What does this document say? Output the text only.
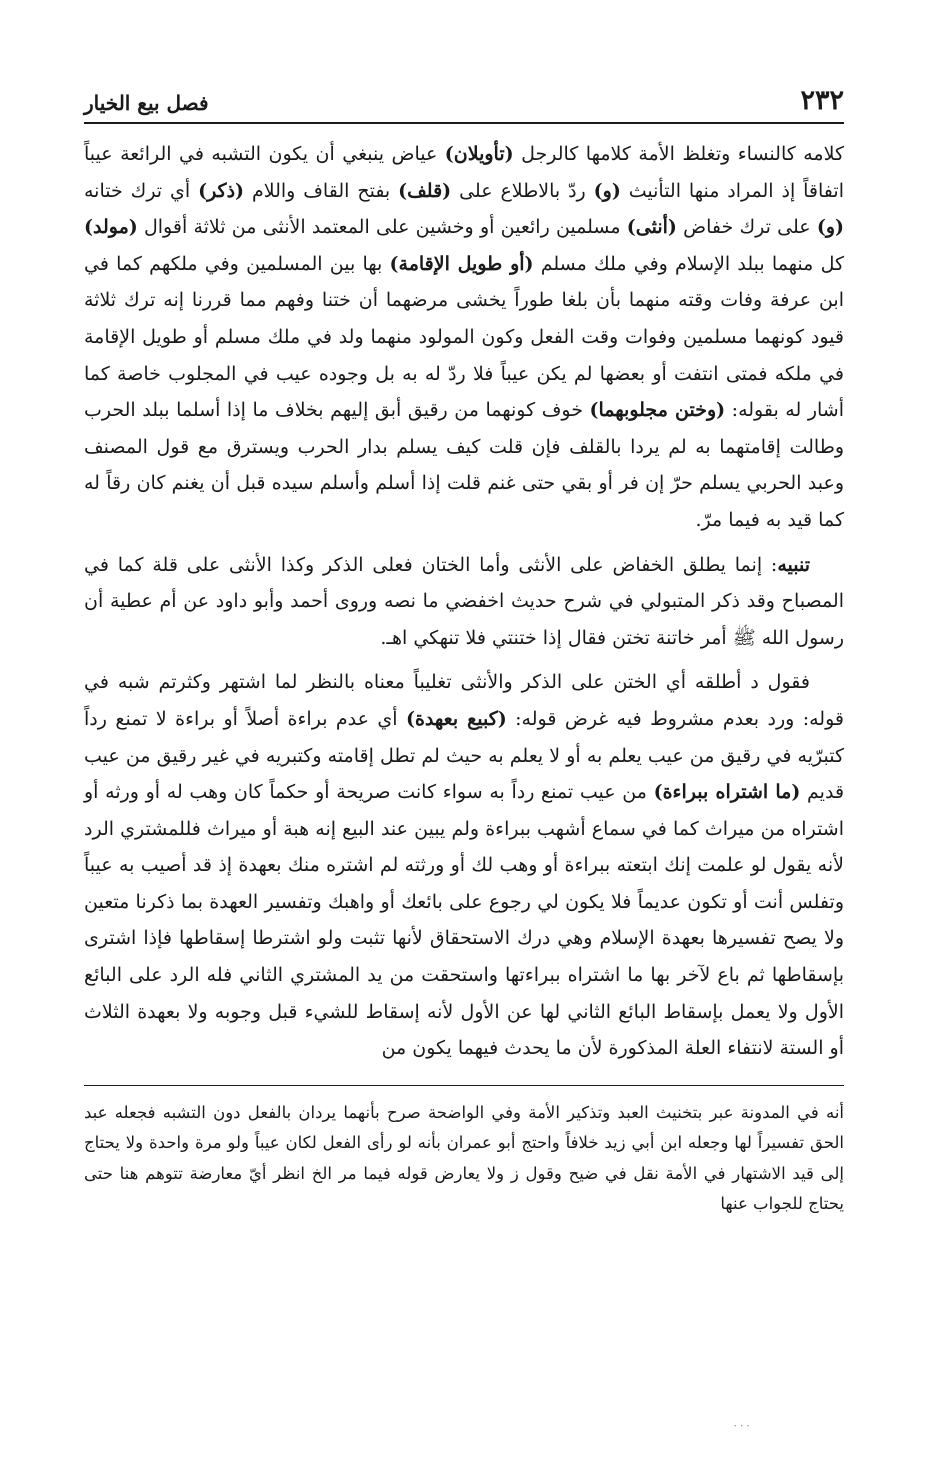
٢٣٢
فصل بيع الخيار

كلامه كالنساء وتغلظ الأمة كلامها كالرجل (تأويلان) عياض ينبغي أن يكون التشبه في الرائعة عيباً اتفاقاً إذ المراد منها التأنيث (و) ردّ بالاطلاع على (قلف) بفتح القاف واللام (ذكر) أي ترك ختانه (و) على ترك خفاض (أنثى) مسلمين رائعين أو وخشين على المعتمد الأنثى من ثلاثة أقوال (مولد) كل منهما ببلد الإسلام وفي ملك مسلم (أو طويل الإقامة) بها بين المسلمين وفي ملكهم كما في ابن عرفة وفات وقته منهما بأن بلغا طوراً يخشى مرضهما أن ختنا وفهم مما قررنا إنه ترك ثلاثة قيود كونهما مسلمين وفوات وقت الفعل وكون المولود منهما ولد في ملك مسلم أو طويل الإقامة في ملكه فمتى انتفت أو بعضها لم يكن عيباً فلا ردّ له به بل وجوده عيب في المجلوب خاصة كما أشار له بقوله: (وختن مجلوبهما) خوف كونهما من رقيق أبق إليهم بخلاف ما إذا أسلما ببلد الحرب وطالت إقامتهما به لم يردا بالقلف فإن قلت كيف يسلم بدار الحرب ويسترق مع قول المصنف وعبد الحربي يسلم حرّ إن فر أو بقي حتى غنم قلت إذا أسلم وأسلم سيده قبل أن يغنم كان رقاً له كما قيد به فيما مرّ.

تنبيه: إنما يطلق الخفاض على الأنثى وأما الختان فعلى الذكر وكذا الأنثى على قلة كما في المصباح وقد ذكر المتبولي في شرح حديث اخفضي ما نصه وروى أحمد وأبو داود عن أم عطية أن رسول الله ﷺ أمر خاتنة تختن فقال إذا ختنتي فلا تنهكي اهـ.

فقول د أطلقه أي الختن على الذكر والأنثى تغليباً معناه بالنظر لما اشتهر وكثرتم شبه في قوله: ورد بعدم مشروط فيه غرض قوله: (كبيع بعهدة) أي عدم براءة أصلاً أو براءة لا تمنع رداً كتبرّيه في رقيق من عيب يعلم به أو لا يعلم به حيث لم تطل إقامته وكتبريه في غير رقيق من عيب قديم (ما اشتراه ببراءة) من عيب تمنع رداً به سواء كانت صريحة أو حكماً كان وهب له أو ورثه أو اشتراه من ميراث كما في سماع أشهب ببراءة ولم يبين عند البيع إنه هبة أو ميراث فللمشتري الرد لأنه يقول لو علمت إنك ابتعته ببراءة أو وهب لك أو ورثته لم اشتره منك بعهدة إذ قد أصيب به عيباً وتفلس أنت أو تكون عديماً فلا يكون لي رجوع على بائعك أو واهبك وتفسير العهدة بما ذكرنا متعين ولا يصح تفسيرها بعهدة الإسلام وهي درك الاستحقاق لأنها تثبت ولو اشترطا إسقاطها فإذا اشترى بإسقاطها ثم باع لآخر بها ما اشتراه ببراءتها واستحقت من يد المشتري الثاني فله الرد على البائع الأول ولا يعمل بإسقاط البائع الثاني لها عن الأول لأنه إسقاط للشيء قبل وجوبه ولا بعهدة الثلاث أو الستة لانتفاء العلة المذكورة لأن ما يحدث فيهما يكون من

أنه في المدونة عبر بتخنيث العبد وتذكير الأمة وفي الواضحة صرح بأنهما يردان بالفعل دون التشبه فجعله عبد الحق تفسيراً لها وجعله ابن أبي زيد خلافاً واحتج أبو عمران بأنه لو رأى الفعل لكان عيباً ولو مرة واحدة ولا يحتاج إلى قيد الاشتهار في الأمة نقل في ضيح وقول ز ولا يعارض قوله فيما مر الخ انظر أيّ معارضة تتوهم هنا حتى يحتاج للجواب عنها

٠٠٠
